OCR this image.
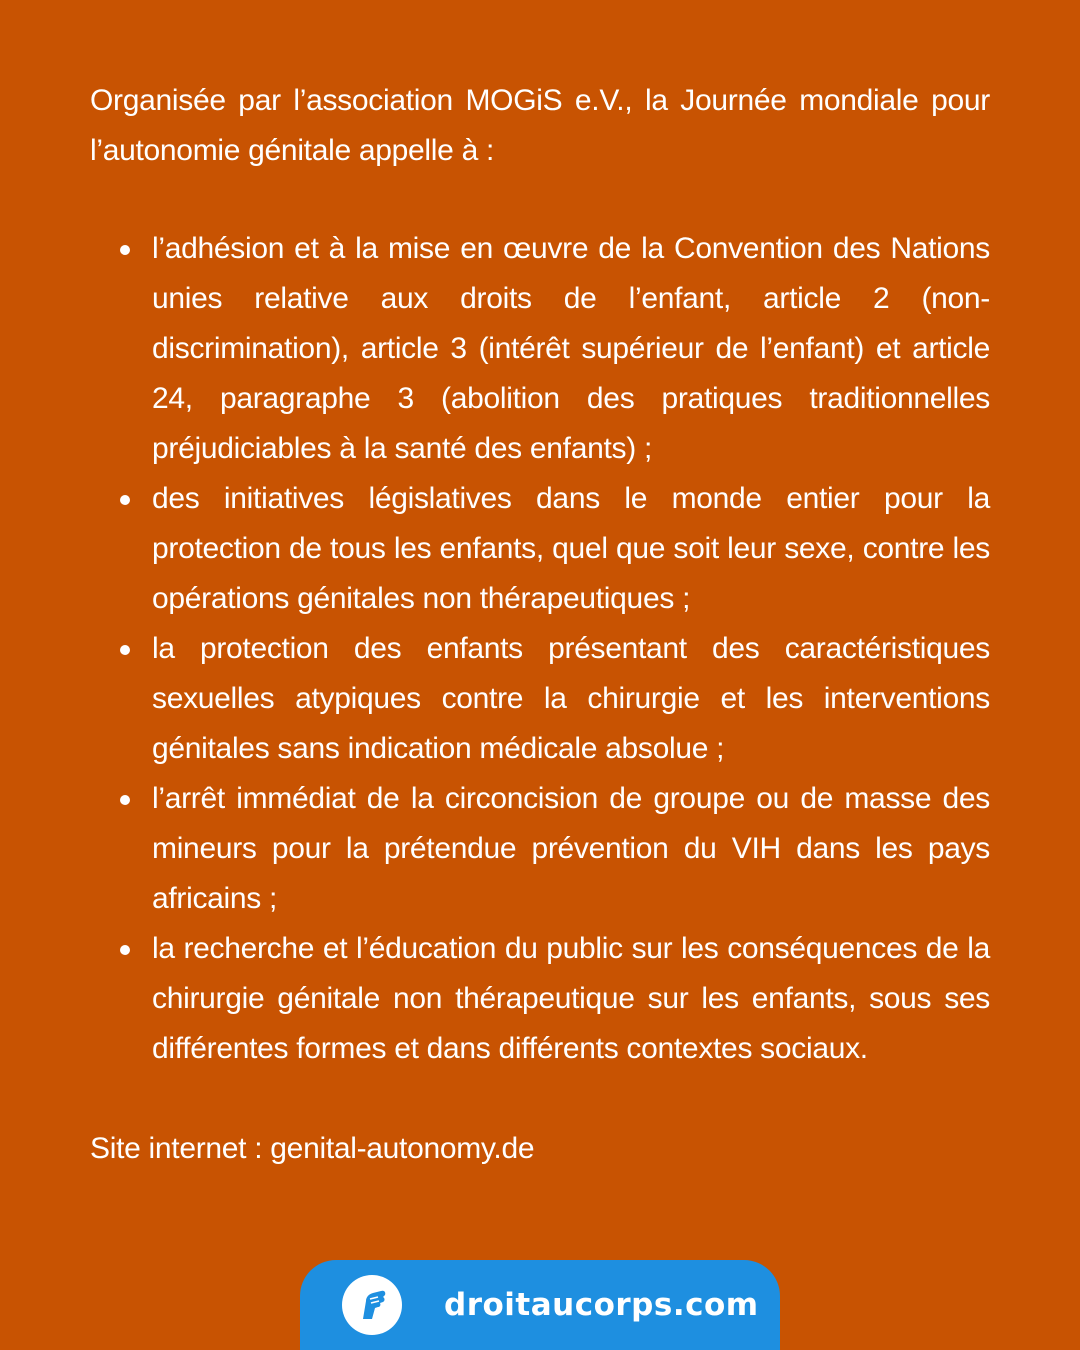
Organisée par l’association MOGiS e.V., la Journée mondiale pour l’autonomie génitale appelle à :

l’adhésion et à la mise en œuvre de la Convention des Nations unies relative aux droits de l’enfant, article 2 (non-discrimination), article 3 (intérêt supérieur de l’enfant) et article 24, paragraphe 3 (abolition des pratiques traditionnelles préjudiciables à la santé des enfants) ;
des initiatives législatives dans le monde entier pour la protection de tous les enfants, quel que soit leur sexe, contre les opérations génitales non thérapeutiques ;
la protection des enfants présentant des caractéristiques sexuelles atypiques contre la chirurgie et les interventions génitales sans indication médicale absolue ;
l’arrêt immédiat de la circoncision de groupe ou de masse des mineurs pour la prétendue prévention du VIH dans les pays africains ;
la recherche et l’éducation du public sur les conséquences de la chirurgie génitale non thérapeutique sur les enfants, sous ses différentes formes et dans différents contextes sociaux.

Site internet : genital-autonomy.de

droitaucorps.com
